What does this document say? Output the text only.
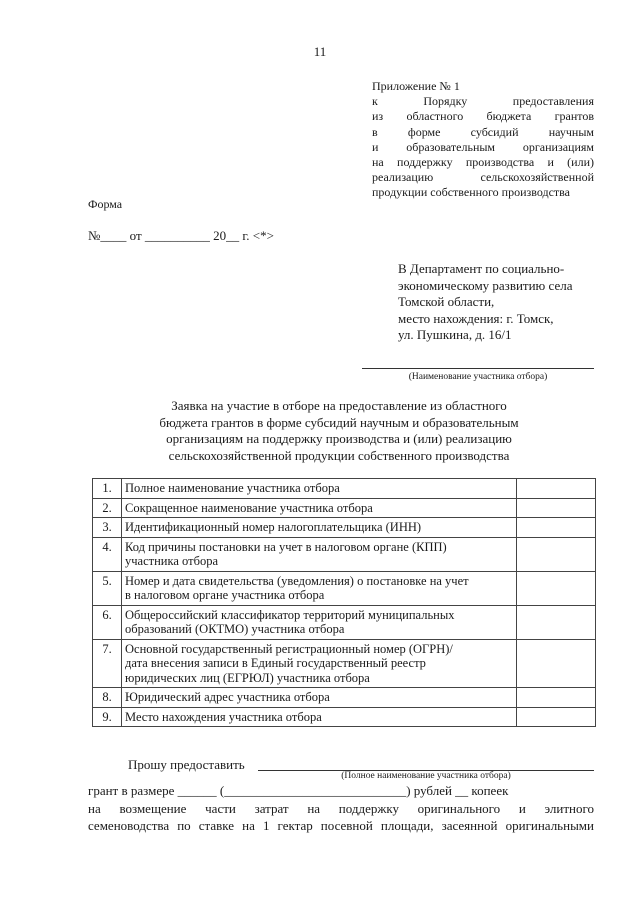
11
Приложение № 1
к Порядку предоставления
из областного бюджета грантов
в форме субсидий научным
и образовательным организациям
на поддержку производства и (или)
реализацию сельскохозяйственной
продукции собственного производства
Форма
№____ от __________ 20__ г. <*>
В Департамент по социально-
экономическому развитию села
Томской области,
место нахождения: г. Томск,
ул. Пушкина, д. 16/1
(Наименование участника отбора)
Заявка на участие в отборе на предоставление из областного
бюджета грантов в форме субсидий научным и образовательным
организациям на поддержку производства и (или) реализацию
сельскохозяйственной продукции собственного производства
1.	Полное наименование участника отбора	

2.	Сокращенное наименование участника отбора	

3.	Идентификационный номер налогоплательщика (ИНН)	

4.	Код причины постановки на учет в налоговом органе (КПП)
участника отбора	

5.	Номер и дата свидетельства (уведомления) о постановке на учет
в налоговом органе участника отбора	

6.	Общероссийский классификатор территорий муниципальных
образований (ОКТМО) участника отбора	

7.	Основной государственный регистрационный номер (ОГРН)/
дата внесения записи в Единый государственный реестр
юридических лиц (ЕГРЮЛ) участника отбора	

8.	Юридический адрес участника отбора	

9.	Место нахождения участника отбора	

Прошу предоставить
(Полное наименование участника отбора)
грант в размере ______ (____________________________) рублей __ копеек
на возмещение части затрат на поддержку оригинального и элитного
семеноводства по ставке на 1 гектар посевной площади, засеянной оригинальными
